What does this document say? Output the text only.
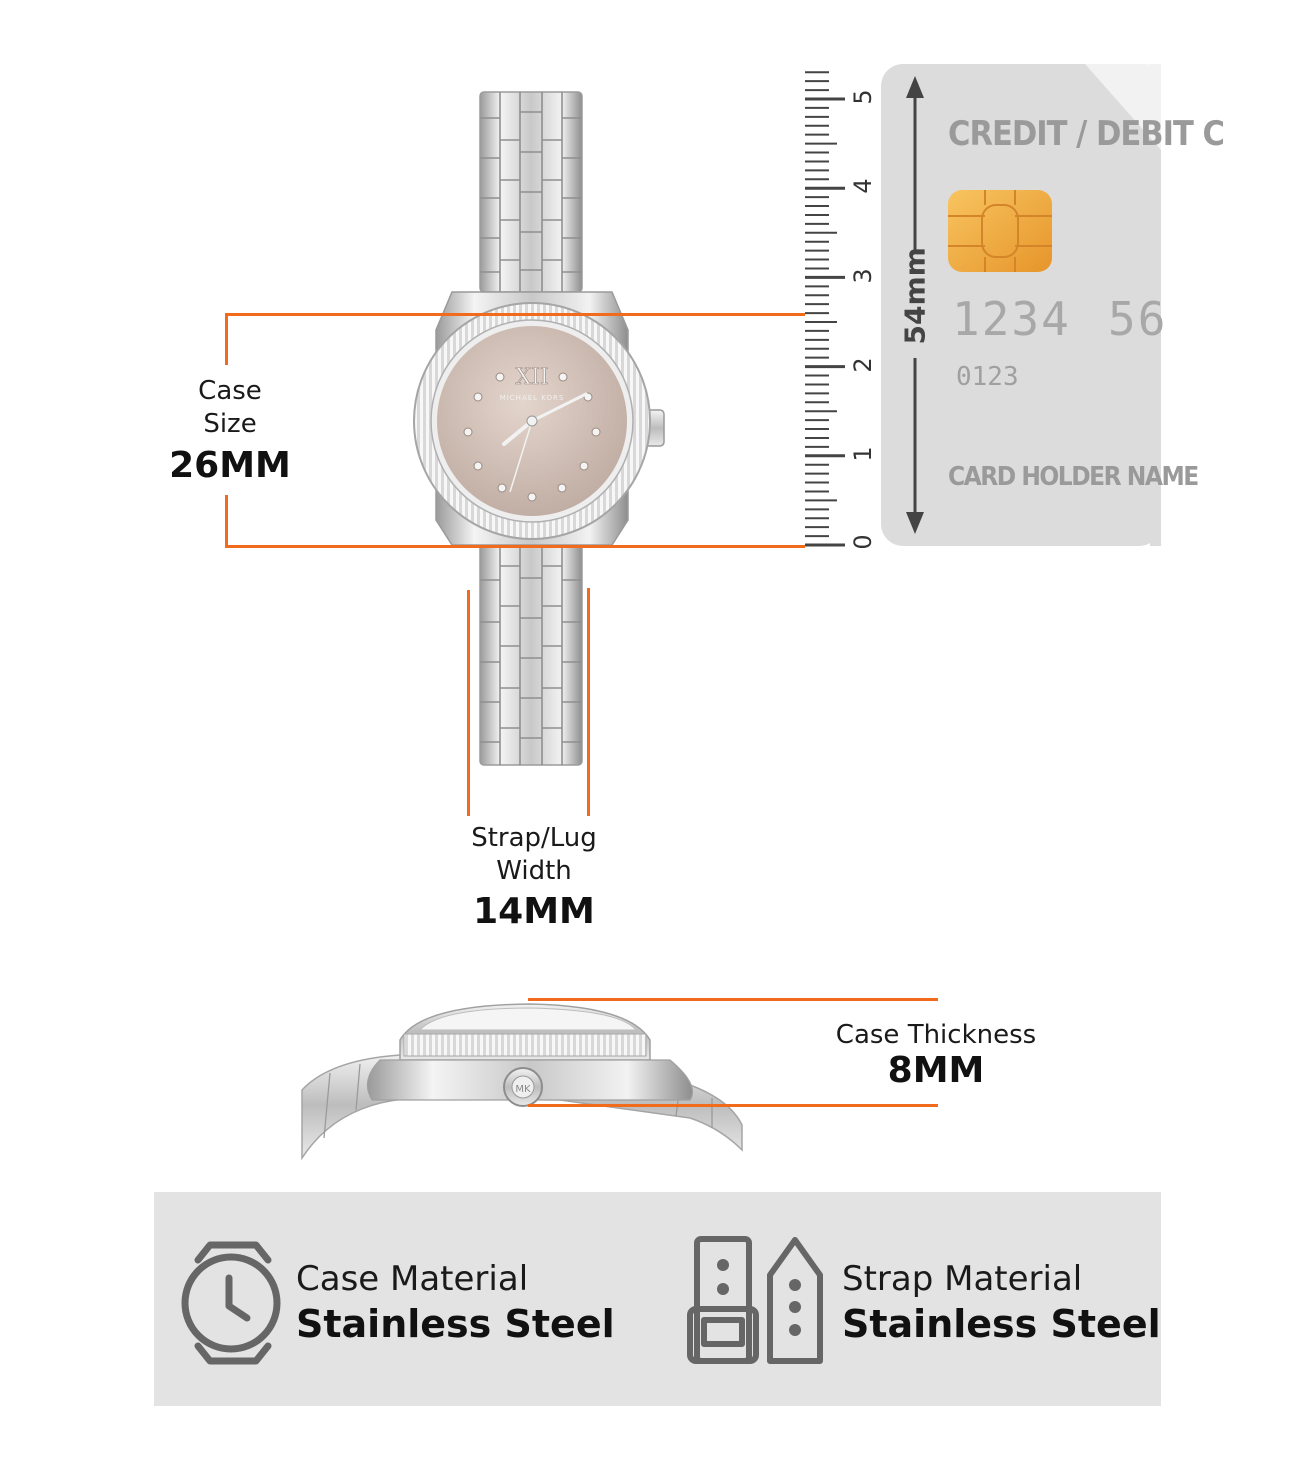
XII
MICHAEL KORS
MK
0
1
2
3
4
5
CREDIT / DEBIT C
1234 56
0123
CARD HOLDER NAME
54mm
Case
Size
26MM
Strap/Lug
Width
14MM
Case Thickness
8MM
Case Material
Stainless Steel
Strap Material
Stainless Steel
